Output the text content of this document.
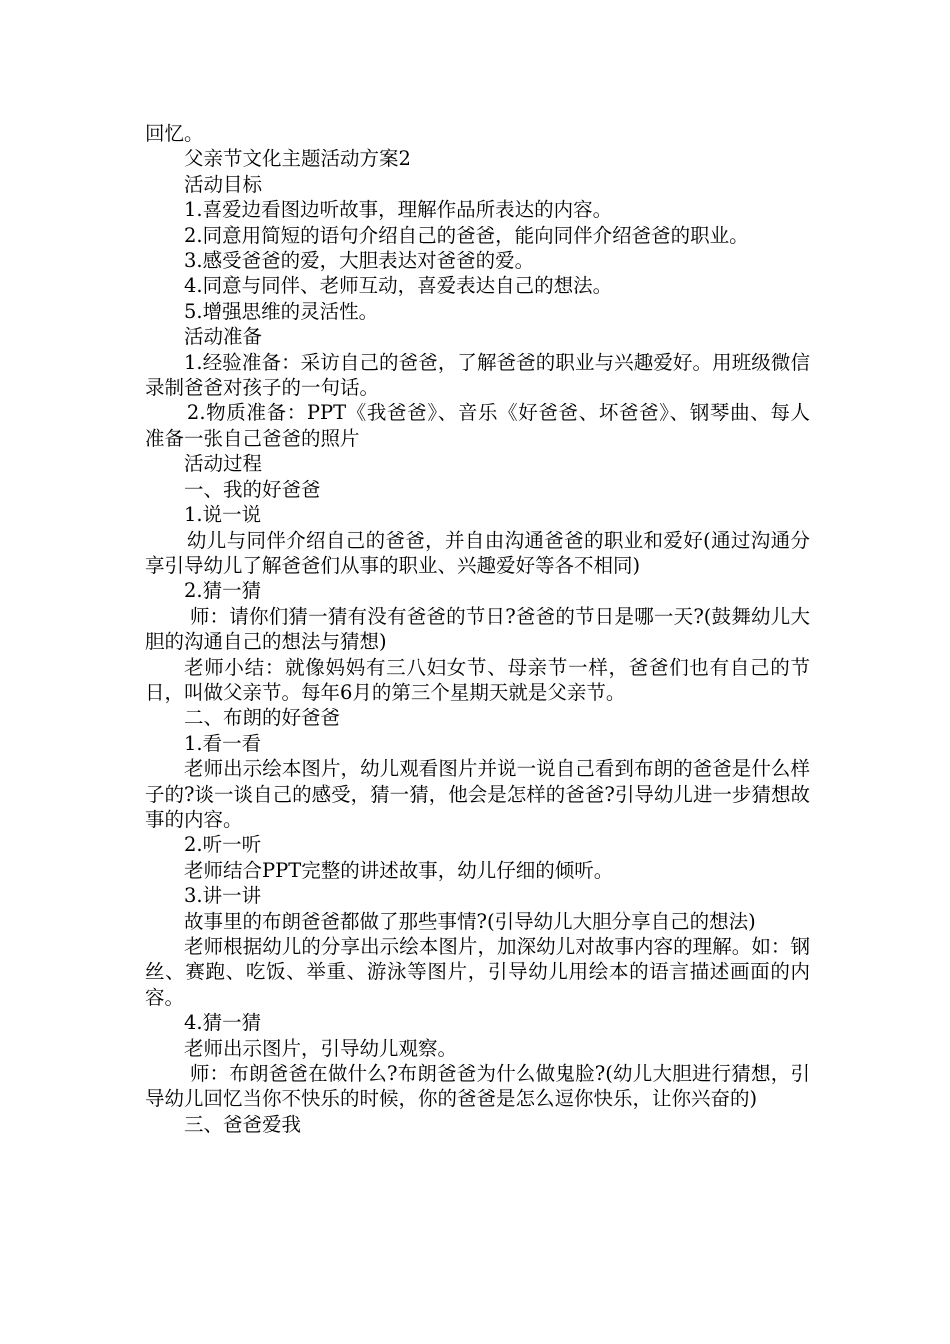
回忆。

父亲节文化主题活动方案2

活动目标

1.喜爱边看图边听故事，理解作品所表达的内容。

2.同意用简短的语句介绍自己的爸爸，能向同伴介绍爸爸的职业。

3.感受爸爸的爱，大胆表达对爸爸的爱。

4.同意与同伴、老师互动，喜爱表达自己的想法。

5.增强思维的灵活性。

活动准备

1.经验准备：采访自己的爸爸，了解爸爸的职业与兴趣爱好。用班级微信录制爸爸对孩子的一句话。

2.物质准备：PPT《我爸爸》、音乐《好爸爸、坏爸爸》、钢琴曲、每人准备一张自己爸爸的照片

活动过程

一、我的好爸爸

1.说一说

幼儿与同伴介绍自己的爸爸，并自由沟通爸爸的职业和爱好(通过沟通分享引导幼儿了解爸爸们从事的职业、兴趣爱好等各不相同)

2.猜一猜

师：请你们猜一猜有没有爸爸的节日?爸爸的节日是哪一天?(鼓舞幼儿大胆的沟通自己的想法与猜想)

老师小结：就像妈妈有三八妇女节、母亲节一样，爸爸们也有自己的节日，叫做父亲节。每年6月的第三个星期天就是父亲节。

二、布朗的好爸爸

1.看一看

老师出示绘本图片，幼儿观看图片并说一说自己看到布朗的爸爸是什么样子的?谈一谈自己的感受，猜一猜，他会是怎样的爸爸?引导幼儿进一步猜想故事的内容。

2.听一听

老师结合PPT完整的讲述故事，幼儿仔细的倾听。

3.讲一讲

故事里的布朗爸爸都做了那些事情?(引导幼儿大胆分享自己的想法)

老师根据幼儿的分享出示绘本图片，加深幼儿对故事内容的理解。如：钢丝、赛跑、吃饭、举重、游泳等图片，引导幼儿用绘本的语言描述画面的内容。

4.猜一猜

老师出示图片，引导幼儿观察。

师：布朗爸爸在做什么?布朗爸爸为什么做鬼脸?(幼儿大胆进行猜想，引导幼儿回忆当你不快乐的时候，你的爸爸是怎么逗你快乐，让你兴奋的)

三、爸爸爱我
